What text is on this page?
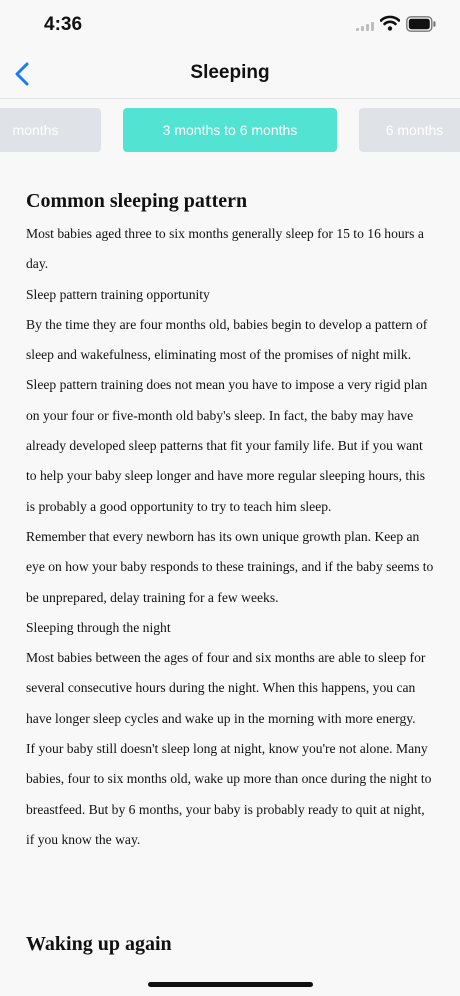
4:36
Sleeping
months	3 months to 6 months	6 months
Common sleeping pattern

Most babies aged three to six months generally sleep for 15 to 16 hours a day.

Sleep pattern training opportunity

By the time they are four months old, babies begin to develop a pattern of sleep and wakefulness, eliminating most of the promises of night milk.

Sleep pattern training does not mean you have to impose a very rigid plan on your four or five-month old baby's sleep. In fact, the baby may have already developed sleep patterns that fit your family life. But if you want to help your baby sleep longer and have more regular sleeping hours, this is probably a good opportunity to try to teach him sleep.

Remember that every newborn has its own unique growth plan. Keep an eye on how your baby responds to these trainings, and if the baby seems to be unprepared, delay training for a few weeks.

Sleeping through the night

Most babies between the ages of four and six months are able to sleep for several consecutive hours during the night. When this happens, you can have longer sleep cycles and wake up in the morning with more energy.

If your baby still doesn't sleep long at night, know you're not alone. Many babies, four to six months old, wake up more than once during the night to breastfeed. But by 6 months, your baby is probably ready to quit at night, if you know the way.

Waking up again
